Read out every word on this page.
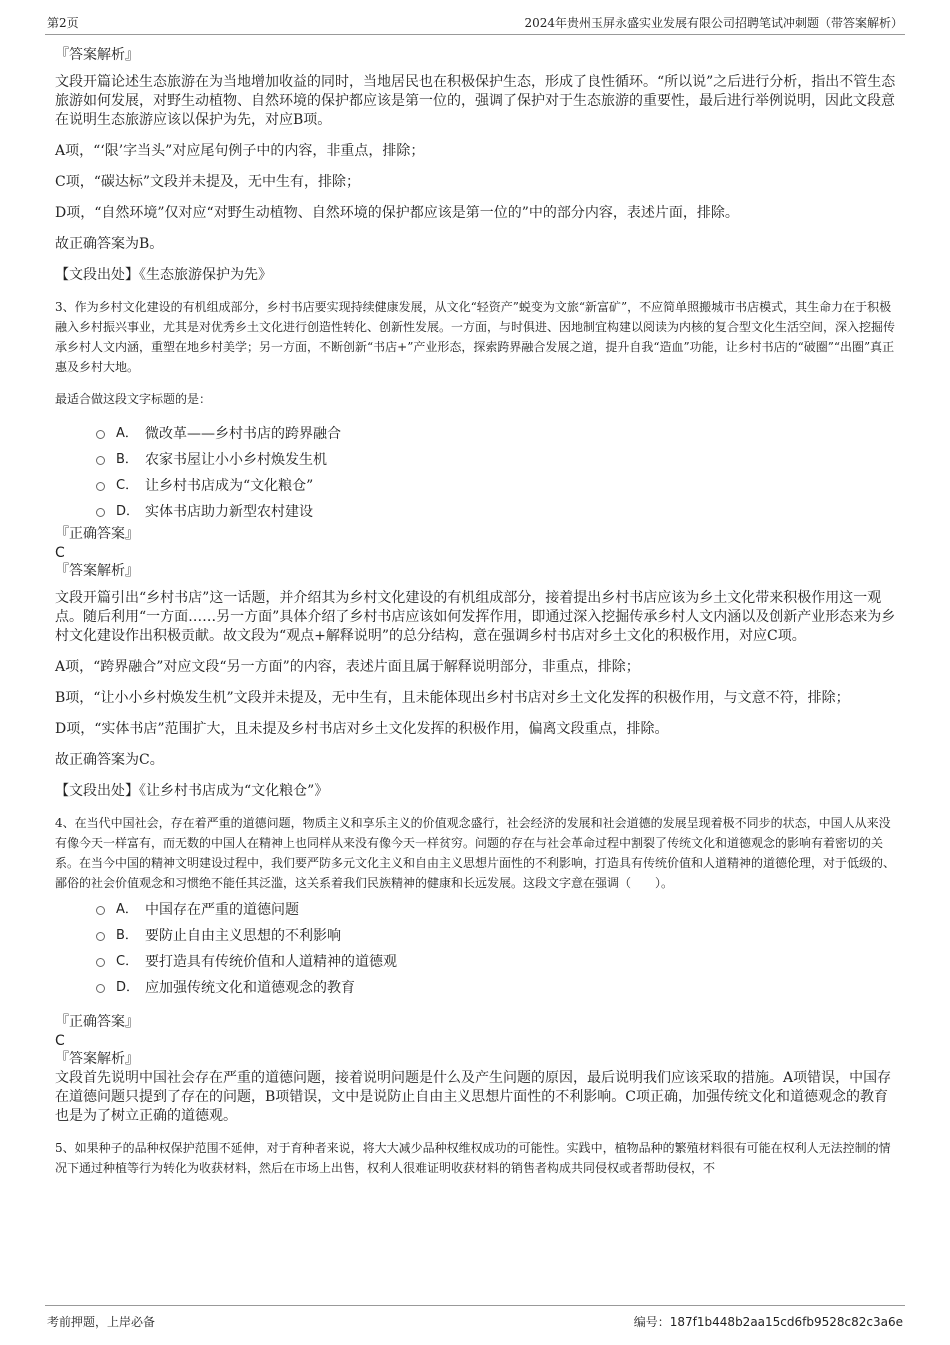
第2页	2024年贵州玉屏永盛实业发展有限公司招聘笔试冲刺题（带答案解析）

『答案解析』

文段开篇论述生态旅游在为当地增加收益的同时，当地居民也在积极保护生态，形成了良性循环。“所以说”之后进行分析，指出不管生态旅游如何发展，对野生动植物、自然环境的保护都应该是第一位的，强调了保护对于生态旅游的重要性，最后进行举例说明，因此文段意在说明生态旅游应该以保护为先，对应B项。

A项，“‘限’字当头”对应尾句例子中的内容，非重点，排除；

C项，“碳达标”文段并未提及，无中生有，排除；

D项，“自然环境”仅对应“对野生动植物、自然环境的保护都应该是第一位的”中的部分内容，表述片面，排除。

故正确答案为B。

【文段出处】《生态旅游保护为先》

3、作为乡村文化建设的有机组成部分，乡村书店要实现持续健康发展，从文化“轻资产”蜕变为文旅“新富矿”，不应简单照搬城市书店模式，其生命力在于积极融入乡村振兴事业，尤其是对优秀乡土文化进行创造性转化、创新性发展。一方面，与时俱进、因地制宜构建以阅读为内核的复合型文化生活空间，深入挖掘传承乡村人文内涵，重塑在地乡村美学；另一方面，不断创新“书店+”产业形态，探索跨界融合发展之道，提升自我“造血”功能，让乡村书店的“破圈”“出圈”真正惠及乡村大地。

最适合做这段文字标题的是：

A． 微改革——乡村书店的跨界融合
B． 农家书屋让小小乡村焕发生机
C． 让乡村书店成为“文化粮仓”
D． 实体书店助力新型农村建设

『正确答案』

C

『答案解析』

文段开篇引出“乡村书店”这一话题，并介绍其为乡村文化建设的有机组成部分，接着提出乡村书店应该为乡土文化带来积极作用这一观点。随后利用“一方面……另一方面”具体介绍了乡村书店应该如何发挥作用，即通过深入挖掘传承乡村人文内涵以及创新产业形态来为乡村文化建设作出积极贡献。故文段为“观点+解释说明”的总分结构，意在强调乡村书店对乡土文化的积极作用，对应C项。

A项，“跨界融合”对应文段“另一方面”的内容，表述片面且属于解释说明部分，非重点，排除；

B项，“让小小乡村焕发生机”文段并未提及，无中生有，且未能体现出乡村书店对乡土文化发挥的积极作用，与文意不符，排除；

D项，“实体书店”范围扩大，且未提及乡村书店对乡土文化发挥的积极作用，偏离文段重点，排除。

故正确答案为C。

【文段出处】《让乡村书店成为“文化粮仓”》

4、在当代中国社会，存在着严重的道德问题，物质主义和享乐主义的价值观念盛行，社会经济的发展和社会道德的发展呈现着极不同步的状态，中国人从来没有像今天一样富有，而无数的中国人在精神上也同样从来没有像今天一样贫穷。问题的存在与社会革命过程中割裂了传统文化和道德观念的影响有着密切的关系。在当今中国的精神文明建设过程中，我们要严防多元文化主义和自由主义思想片面性的不利影响，打造具有传统价值和人道精神的道德伦理，对于低级的、鄙俗的社会价值观念和习惯绝不能任其泛滥，这关系着我们民族精神的健康和长远发展。这段文字意在强调（　　）。

A． 中国存在严重的道德问题
B． 要防止自由主义思想的不利影响
C． 要打造具有传统价值和人道精神的道德观
D． 应加强传统文化和道德观念的教育

『正确答案』

C

『答案解析』

文段首先说明中国社会存在严重的道德问题，接着说明问题是什么及产生问题的原因，最后说明我们应该采取的措施。A项错误，中国存在道德问题只提到了存在的问题，B项错误，文中是说防止自由主义思想片面性的不利影响。C项正确，加强传统文化和道德观念的教育也是为了树立正确的道德观。

5、如果种子的品种权保护范围不延伸，对于育种者来说，将大大减少品种权维权成功的可能性。实践中，植物品种的繁殖材料很有可能在权利人无法控制的情况下通过种植等行为转化为收获材料，然后在市场上出售，权利人很难证明收获材料的销售者构成共同侵权或者帮助侵权，不

考前押题，上岸必备	编号：187f1b448b2aa15cd6fb9528c82c3a6e
